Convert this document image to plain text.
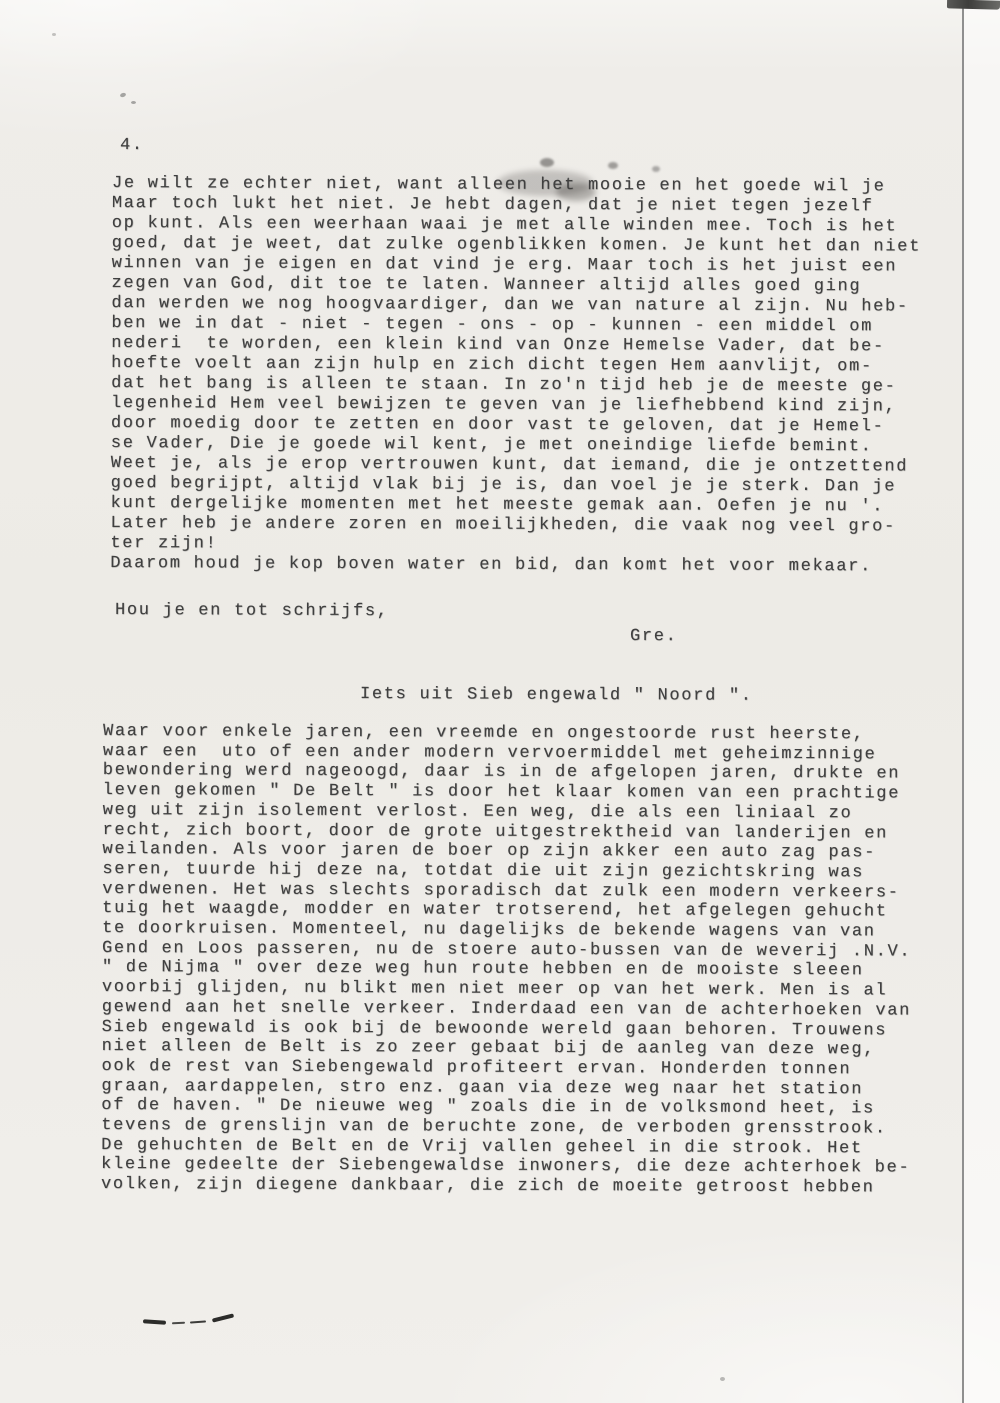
4.
Je wilt ze echter niet, want alleen het mooie en het goede wil je
Maar toch lukt het niet. Je hebt dagen, dat je niet tegen jezelf
op kunt. Als een weerhaan waai je met alle winden mee. Toch is het
goed, dat je weet, dat zulke ogenblikken komen. Je kunt het dan niet
winnen van je eigen en dat vind je erg. Maar toch is het juist een
zegen van God, dit toe te laten. Wanneer altijd alles goed ging
dan werden we nog hoogvaardiger, dan we van nature al zijn. Nu heb-
ben we in dat - niet - tegen - ons - op - kunnen - een middel om
nederi  te worden, een klein kind van Onze Hemelse Vader, dat be-
hoefte voelt aan zijn hulp en zich dicht tegen Hem aanvlijt, om-
dat het bang is alleen te staan. In zo'n tijd heb je de meeste ge-
legenheid Hem veel bewijzen te geven van je liefhebbend kind zijn,
door moedig door te zetten en door vast te geloven, dat je Hemel-
se Vader, Die je goede wil kent, je met oneindige liefde bemint.
Weet je, als je erop vertrouwen kunt, dat iemand, die je ontzettend
goed begrijpt, altijd vlak bij je is, dan voel je je sterk. Dan je
kunt dergelijke momenten met het meeste gemak aan. Oefen je nu '.
Later heb je andere zoren en moeilijkheden, die vaak nog veel gro-
ter zijn!
Daarom houd je kop boven water en bid, dan komt het voor mekaar.
Hou je en tot schrijfs,
Gre.
Iets uit Sieb engewald " Noord ".
Waar voor enkele jaren, een vreemde en ongestoorde rust heerste,
waar een  uto of een ander modern vervoermiddel met geheimzinnige
bewondering werd nageoogd, daar is in de afgelopen jaren, drukte en
leven gekomen " De Belt " is door het klaar komen van een prachtige
weg uit zijn isolement verlost. Een weg, die als een liniaal zo
recht, zich boort, door de grote uitgestrektheid van landerijen en
weilanden. Als voor jaren de boer op zijn akker een auto zag pas-
seren, tuurde hij deze na, totdat die uit zijn gezichtskring was
verdwenen. Het was slechts sporadisch dat zulk een modern verkeers-
tuig het waagde, modder en water trotserend, het afgelegen gehucht
te doorkruisen. Momenteel, nu dagelijks de bekende wagens van van
Gend en Loos passeren, nu de stoere auto-bussen van de weverij .N.V.
" de Nijma " over deze weg hun route hebben en de mooiste sleeen
voorbij glijden, nu blikt men niet meer op van het werk. Men is al
gewend aan het snelle verkeer. Inderdaad een van de achterhoeken van
Sieb engewald is ook bij de bewoonde wereld gaan behoren. Trouwens
niet alleen de Belt is zo zeer gebaat bij de aanleg van deze weg,
ook de rest van Siebengewald profiteert ervan. Honderden tonnen
graan, aardappelen, stro enz. gaan via deze weg naar het station
of de haven. " De nieuwe weg " zoals die in de volksmond heet, is
tevens de grenslijn van de beruchte zone, de verboden grensstrook.
De gehuchten de Belt en de Vrij vallen geheel in die strook. Het
kleine gedeelte der Siebengewaldse inwoners, die deze achterhoek be-
volken, zijn diegene dankbaar, die zich de moeite getroost hebben
